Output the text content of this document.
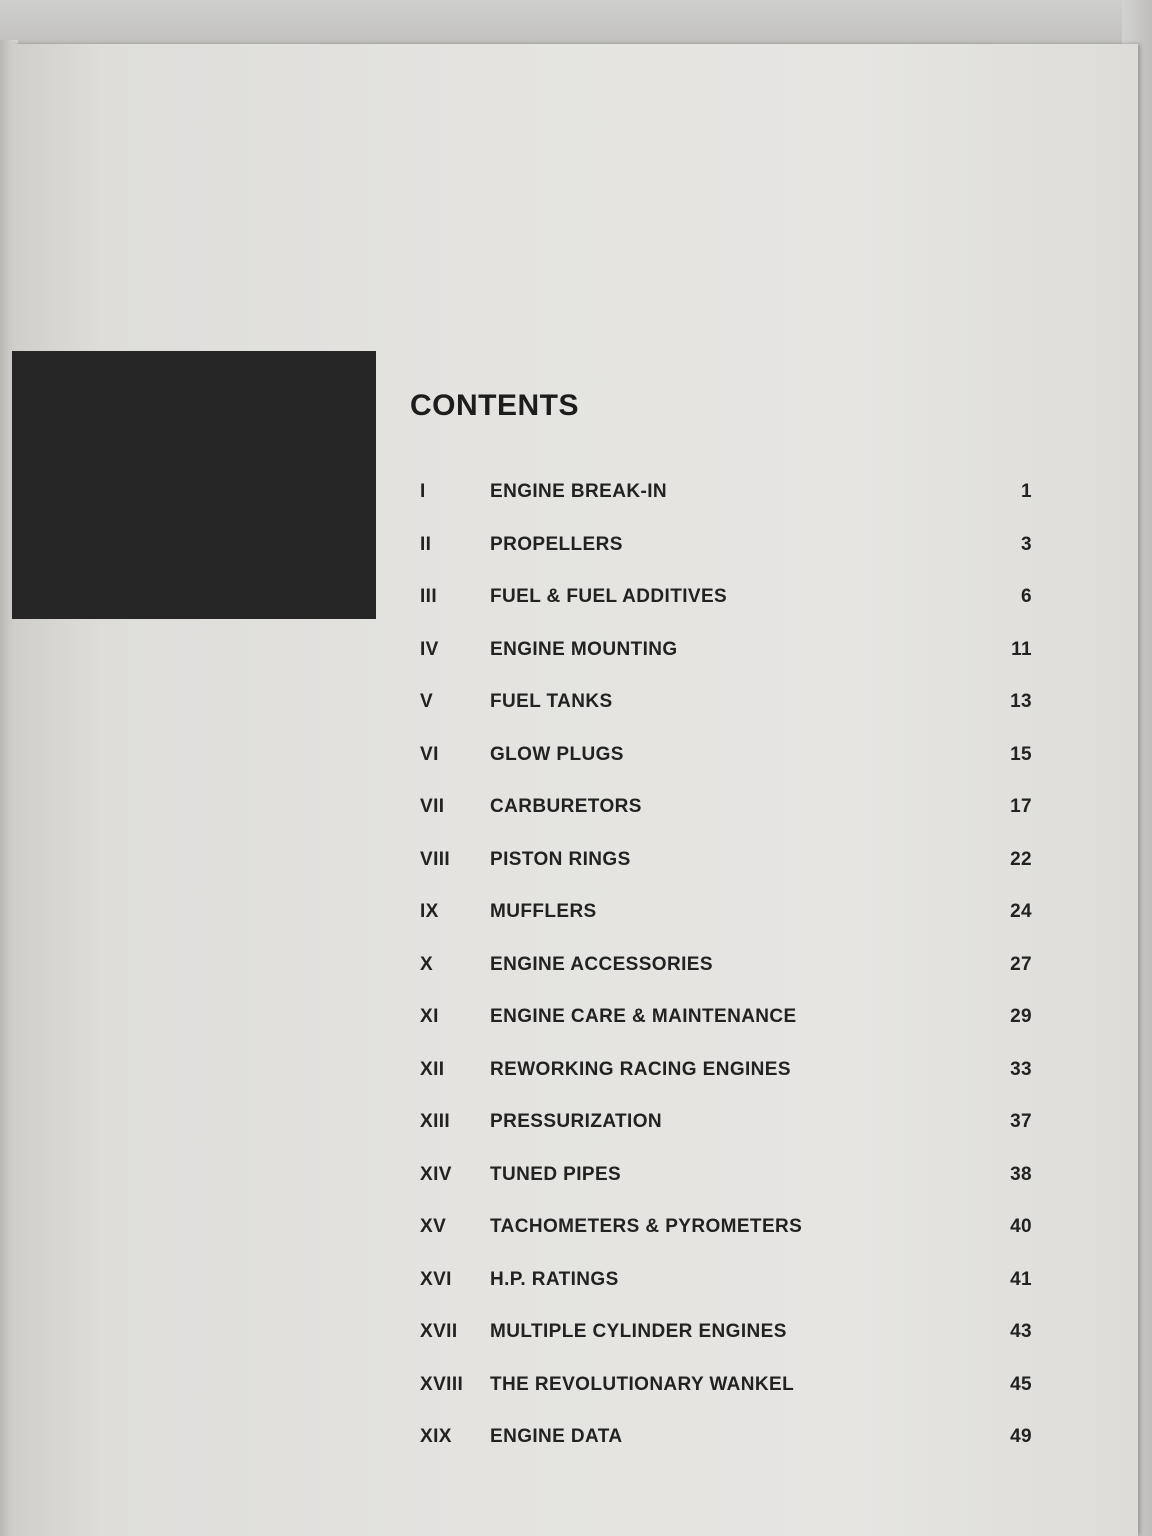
CONTENTS
I	ENGINE BREAK-IN	1
II	PROPELLERS	3
III	FUEL & FUEL ADDITIVES	6
IV	ENGINE MOUNTING	11
V	FUEL TANKS	13
VI	GLOW PLUGS	15
VII CARBURETORS	17
VIII PISTON RINGS	22
IX	MUFFLERS	24
X	ENGINE ACCESSORIES	27
XI	ENGINE CARE & MAINTENANCE	29
XII REWORKING RACING ENGINES	33
XIII PRESSURIZATION	37
XIV TUNED PIPES	38
XV TACHOMETERS & PYROMETERS	40
XVI H.P. RATINGS	41
XVII MULTIPLE CYLINDER ENGINES	43
XVIII THE REVOLUTIONARY WANKEL	45
XIX ENGINE DATA	49
